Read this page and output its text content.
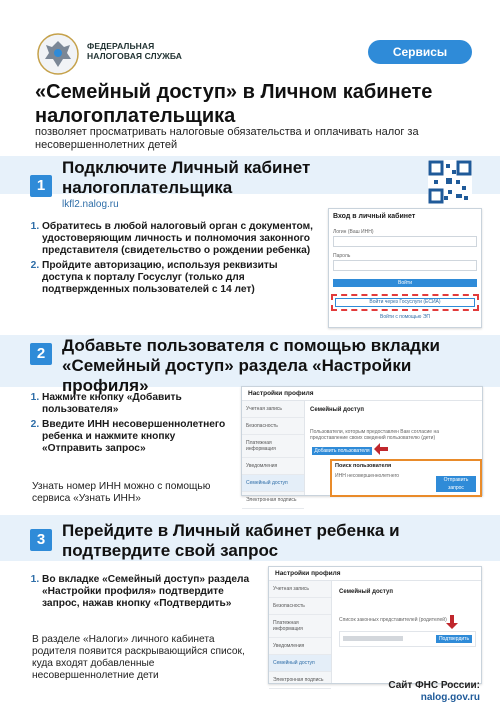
ФЕДЕРАЛЬНАЯ
НАЛОГОВАЯ СЛУЖБА	Сервисы
«Семейный доступ» в Личном кабинете налогоплательщика
позволяет просматривать налоговые обязательства и оплачивать налог за несовершеннолетних детей
1
Подключите Личный кабинет налогоплательщика
lkfl2.nalog.ru
1. Обратитесь в любой налоговый орган с документом, удостоверяющим личность и полномочия законного представителя (свидетельство о рождении ребенка)
2. Пройдите авторизацию, используя реквизиты доступа к порталу Госуслуг (только для подтвержденных пользователей с 14 лет)
Вход в личный кабинет
Логин (Ваш ИНН)
Пароль
Войти
Войти через Госуслуги (ЕСИА)
Войти с помощью ЭП
2 Добавьте пользователя с помощью вкладки «Семейный доступ» раздела «Настройки профиля»
1. Нажмите кнопку «Добавить пользователя»
2. Введите ИНН несовершеннолетнего ребенка и нажмите кнопку «Отправить запрос»
Узнать номер ИНН можно с помощью сервиса «Узнать ИНН»
Настройки профиля
Учетная запись
Безопасность
Платежная информация
Уведомления
Семейный доступ
Электронная подпись
Семейный доступ
Пользователи, которым предоставлен Вам согласие на предоставление своих сведений пользователю (дети)
Добавить пользователя
Поиск пользователя
ИНН несовершеннолетнего
Отправить запрос
3 Перейдите в Личный кабинет ребенка и подтвердите свой запрос
1. Во вкладке «Семейный доступ» раздела «Настройки профиля» подтвердите запрос, нажав кнопку «Подтвердить»
В разделе «Налоги» личного кабинета родителя появится раскрывающийся список, куда входят добавленные несовершеннолетние дети
Настройки профиля
Учетная запись
Безопасность
Платежная информация
Уведомления
Семейный доступ
Электронная подпись
Семейный доступ
Список законных представителей (родителей)
Подтвердить
Сайт ФНС России:
nalog.gov.ru
